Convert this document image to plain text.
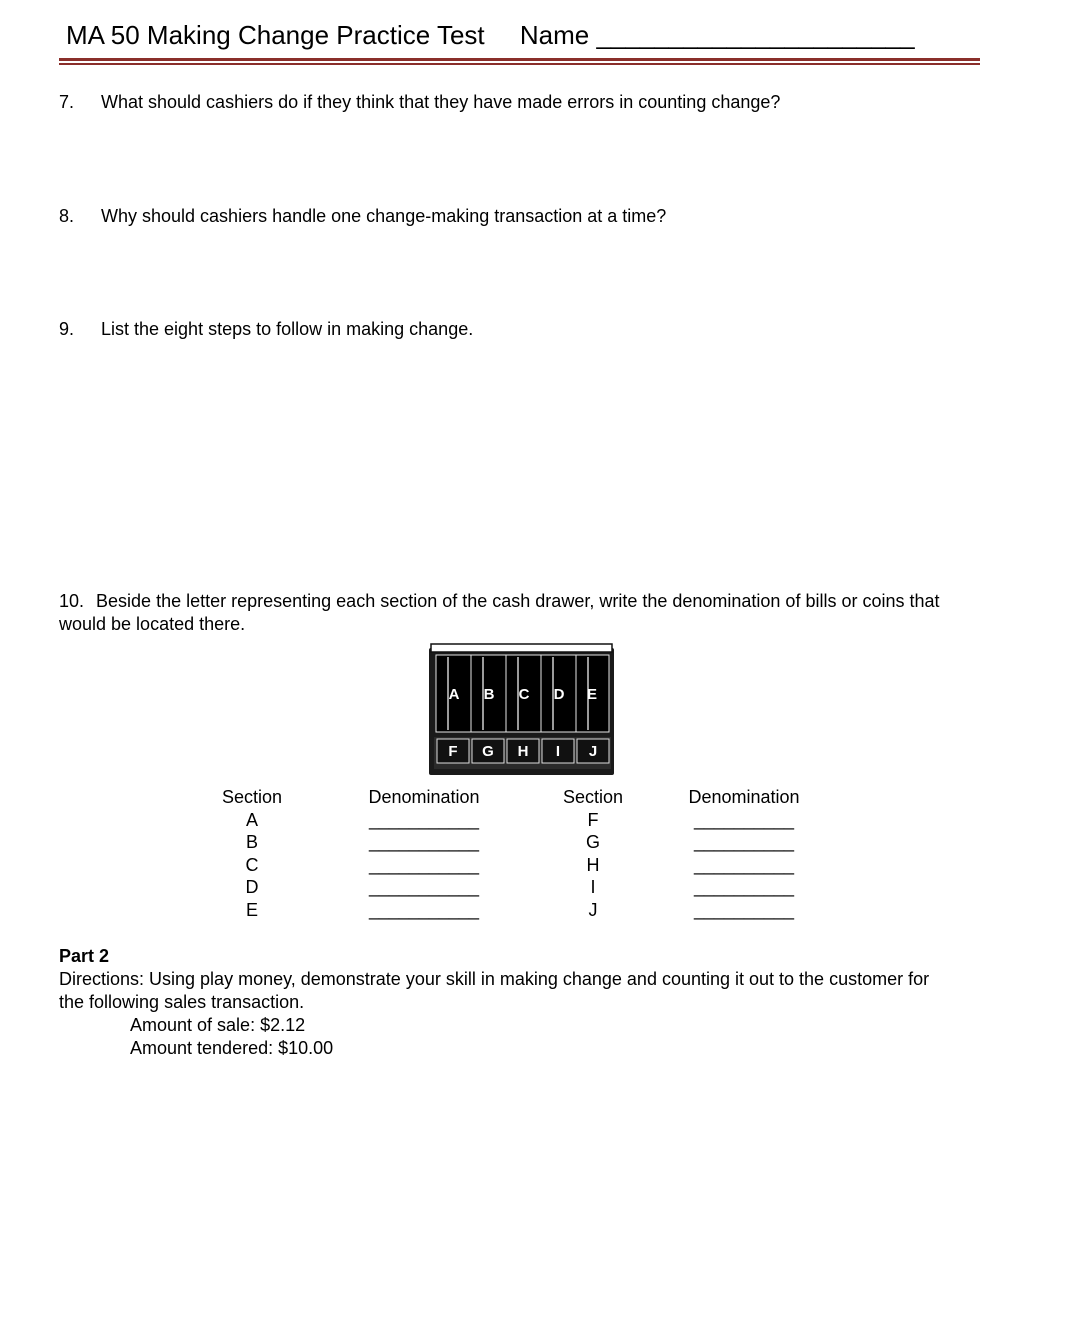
MA 50 Making Change Practice Test Name ______________________
7. What should cashiers do if they think that they have made errors in counting change?
8. Why should cashiers handle one change-making transaction at a time?
9. List the eight steps to follow in making change.
10. Beside the letter representing each section of the cash drawer, write the denomination of bills or coins that would be located there.
A B C D E
F G H I J
Section
A
B
C
D
E
Denomination
___________
___________
___________
___________
___________
Section
F
G
H
I
J
Denomination
__________
__________
__________
__________
__________
Part 2
Directions: Using play money, demonstrate your skill in making change and counting it out to the customer for the following sales transaction.
Amount of sale: $2.12
Amount tendered: $10.00
